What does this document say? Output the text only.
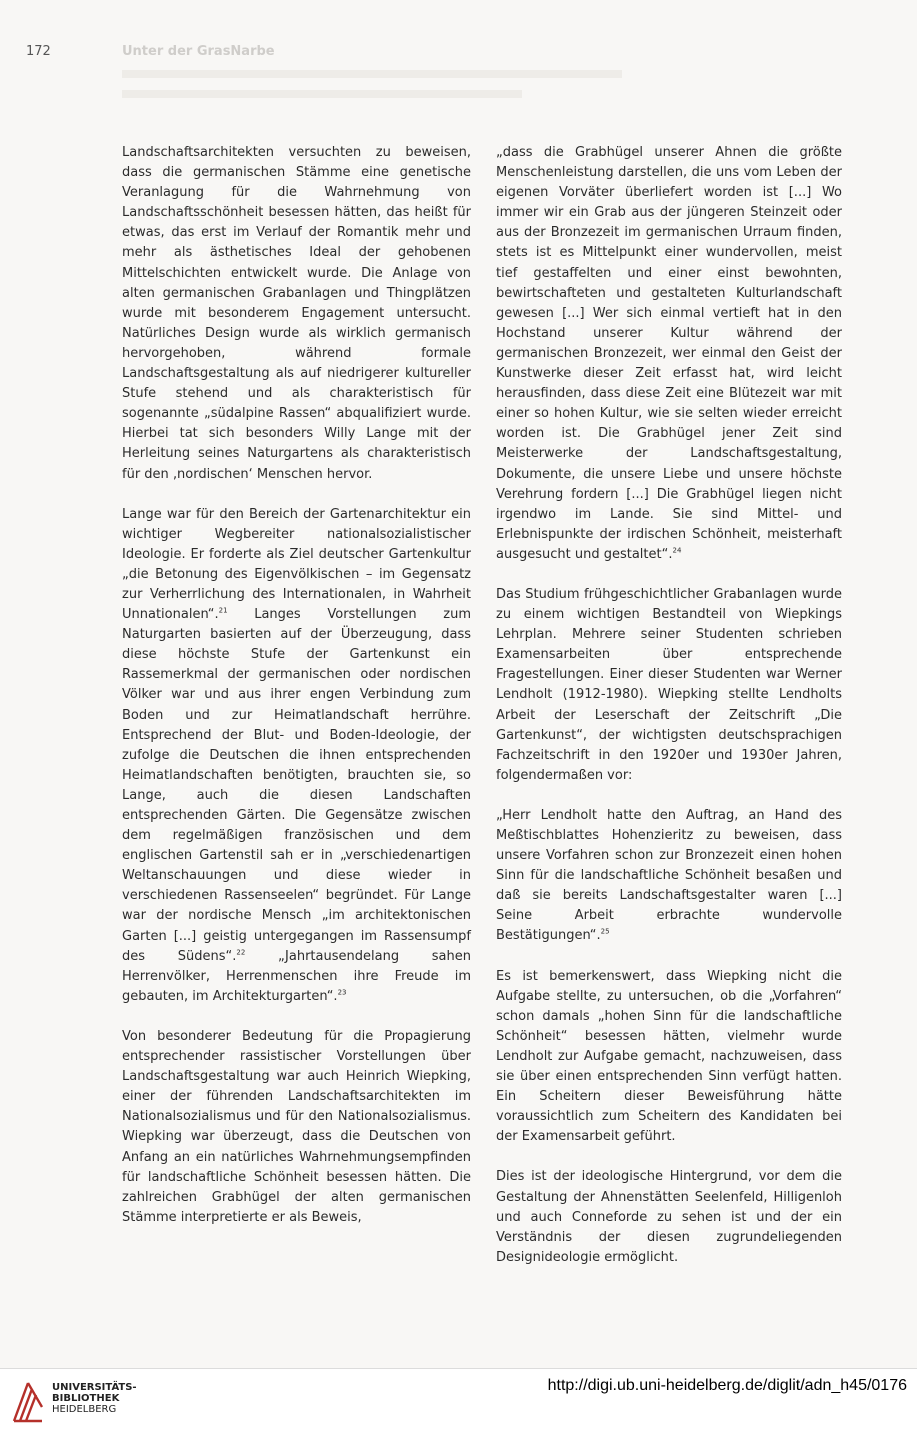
172	Unter der GrasNarbe

Landschaftsarchitekten versuchten zu beweisen, dass die germanischen Stämme eine genetische Veranlagung für die Wahrnehmung von Landschaftsschönheit besessen hätten, das heißt für etwas, das erst im Verlauf der Romantik mehr und mehr als ästhetisches Ideal der gehobenen Mittelschichten entwickelt wurde. Die Anlage von alten germanischen Grabanlagen und Thingplätzen wurde mit besonderem Engagement untersucht. Natürliches Design wurde als wirklich germanisch hervorgehoben, während formale Landschaftsgestaltung als auf niedrigerer kultureller Stufe stehend und als charakteristisch für sogenannte „südalpine Rassen“ abqualifiziert wurde. Hierbei tat sich besonders Willy Lange mit der Herleitung seines Naturgartens als charakteristisch für den ‚nordischen‘ Menschen hervor.

Lange war für den Bereich der Gartenarchitektur ein wichtiger Wegbereiter nationalsozialistischer Ideologie. Er forderte als Ziel deutscher Gartenkultur „die Betonung des Eigenvölkischen – im Gegensatz zur Verherrlichung des Internationalen, in Wahrheit Unnationalen“.$^{21}$ Langes Vorstellungen zum Naturgarten basierten auf der Überzeugung, dass diese höchste Stufe der Gartenkunst ein Rassemerkmal der germanischen oder nordischen Völker war und aus ihrer engen Verbindung zum Boden und zur Heimatlandschaft herrühre. Entsprechend der Blut- und Boden-Ideologie, der zufolge die Deutschen die ihnen entsprechenden Heimatlandschaften benötigten, brauchten sie, so Lange, auch die diesen Landschaften entsprechenden Gärten. Die Gegensätze zwischen dem regelmäßigen französischen und dem englischen Gartenstil sah er in „verschiedenartigen Weltanschauungen und diese wieder in verschiedenen Rassenseelen“ begründet. Für Lange war der nordische Mensch „im architektonischen Garten [...] geistig untergegangen im Rassensumpf des Südens“.$^{22}$ „Jahrtausendelang sahen Herrenvölker, Herrenmenschen ihre Freude im gebauten, im Architekturgarten“.$^{23}$

Von besonderer Bedeutung für die Propagierung entsprechender rassistischer Vorstellungen über Landschaftsgestaltung war auch Heinrich Wiepking, einer der führenden Landschaftsarchitekten im Nationalsozialismus und für den Nationalsozialismus. Wiepking war überzeugt, dass die Deutschen von Anfang an ein natürliches Wahrnehmungsempfinden für landschaftliche Schönheit besessen hätten. Die zahlreichen Grabhügel der alten germanischen Stämme interpretierte er als Beweis,

„dass die Grabhügel unserer Ahnen die größte Menschenleistung darstellen, die uns vom Leben der eigenen Vorväter überliefert worden ist [...] Wo immer wir ein Grab aus der jüngeren Steinzeit oder aus der Bronzezeit im germanischen Urraum finden, stets ist es Mittelpunkt einer wundervollen, meist tief gestaffelten und einer einst bewohnten, bewirtschafteten und gestalteten Kulturlandschaft gewesen [...] Wer sich einmal vertieft hat in den Hochstand unserer Kultur während der germanischen Bronzezeit, wer einmal den Geist der Kunstwerke dieser Zeit erfasst hat, wird leicht herausfinden, dass diese Zeit eine Blütezeit war mit einer so hohen Kultur, wie sie selten wieder erreicht worden ist. Die Grabhügel jener Zeit sind Meisterwerke der Landschaftsgestaltung, Dokumente, die unsere Liebe und unsere höchste Verehrung fordern [...] Die Grabhügel liegen nicht irgendwo im Lande. Sie sind Mittel- und Erlebnispunkte der irdischen Schönheit, meisterhaft ausgesucht und gestaltet“.$^{24}$

Das Studium frühgeschichtlicher Grabanlagen wurde zu einem wichtigen Bestandteil von Wiepkings Lehrplan. Mehrere seiner Studenten schrieben Examensarbeiten über entsprechende Fragestellungen. Einer dieser Studenten war Werner Lendholt (1912-1980). Wiepking stellte Lendholts Arbeit der Leserschaft der Zeitschrift „Die Gartenkunst“, der wichtigsten deutschsprachigen Fachzeitschrift in den 1920er und 1930er Jahren, folgendermaßen vor:

„Herr Lendholt hatte den Auftrag, an Hand des Meßtischblattes Hohenzieritz zu beweisen, dass unsere Vorfahren schon zur Bronzezeit einen hohen Sinn für die landschaftliche Schönheit besaßen und daß sie bereits Landschaftsgestalter waren [...] Seine Arbeit erbrachte wundervolle Bestätigungen“.$^{25}$

Es ist bemerkenswert, dass Wiepking nicht die Aufgabe stellte, zu untersuchen, ob die „Vorfahren“ schon damals „hohen Sinn für die landschaftliche Schönheit“ besessen hätten, vielmehr wurde Lendholt zur Aufgabe gemacht, nachzuweisen, dass sie über einen entsprechenden Sinn verfügt hatten. Ein Scheitern dieser Beweisführung hätte voraussichtlich zum Scheitern des Kandidaten bei der Examensarbeit geführt.

Dies ist der ideologische Hintergrund, vor dem die Gestaltung der Ahnenstätten Seelenfeld, Hilligenloh und auch Conneforde zu sehen ist und der ein Verständnis der diesen zugrundeliegenden Designideologie ermöglicht.

UNIVERSITÄTS-
BIBLIOTHEK
HEIDELBERG
http://digi.ub.uni-heidelberg.de/diglit/adn_h45/0176
